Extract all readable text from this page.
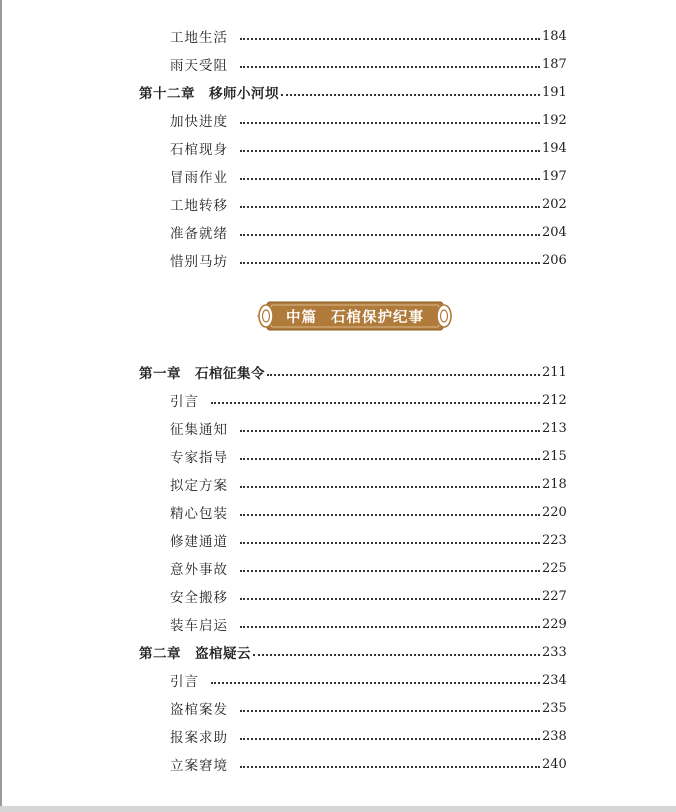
工地生活	184
雨天受阻	187
第十二章　移师小河坝	191
加快进度	192
石棺现身	194
冒雨作业	197
工地转移	202
准备就绪	204
惜别马坊	206
中篇 石棺保护纪事
第一章　石棺征集令	211
引言	212
征集通知	213
专家指导	215
拟定方案	218
精心包装	220
修建通道	223
意外事故	225
安全搬移	227
装车启运	229
第二章　盗棺疑云	233
引言	234
盗棺案发	235
报案求助	238
立案窘境	240
